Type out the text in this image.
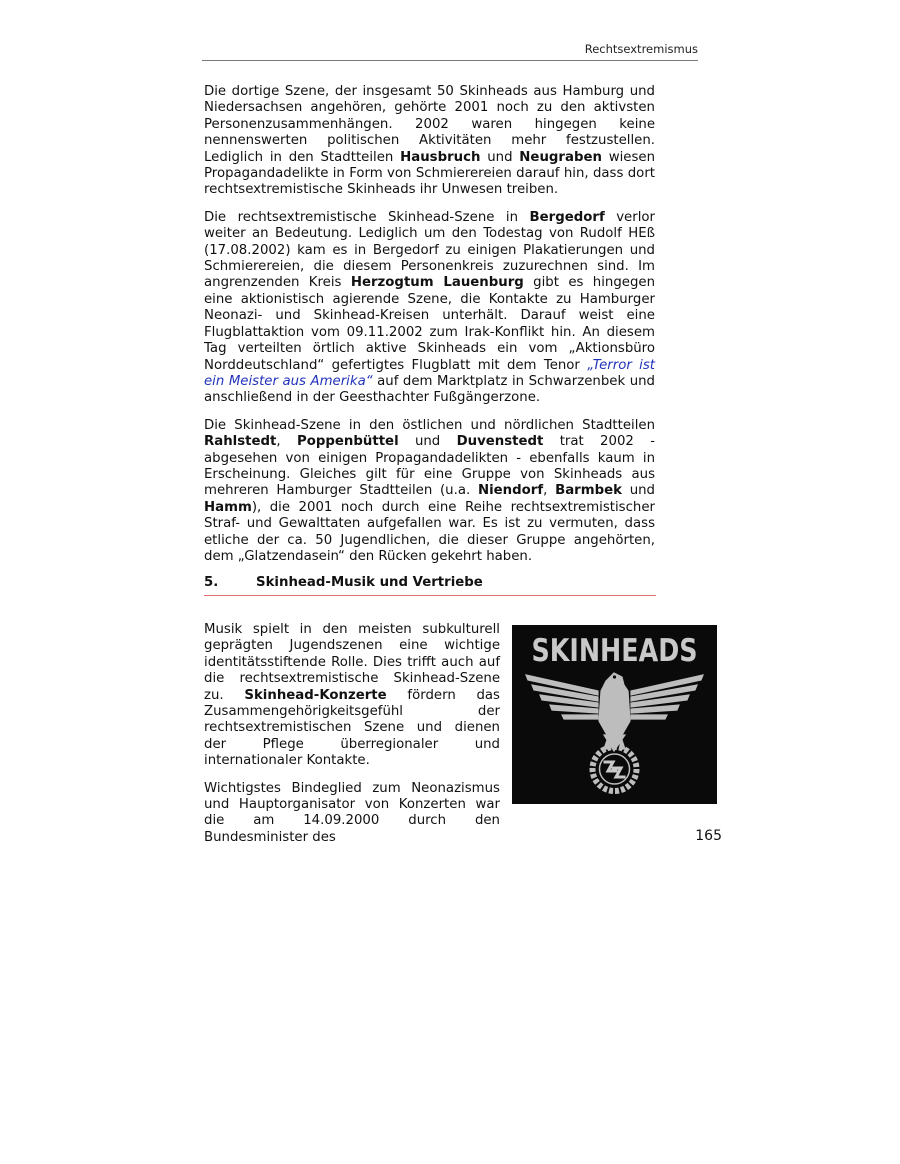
Rechtsextremismus

Die dortige Szene, der insgesamt 50 Skinheads aus Hamburg und Niedersachsen angehören, gehörte 2001 noch zu den aktivsten Personenzusammenhängen. 2002 waren hingegen keine nennenswerten politischen Aktivitäten mehr festzustellen. Lediglich in den Stadtteilen Hausbruch und Neugraben wiesen Propagandadelikte in Form von Schmierereien darauf hin, dass dort rechtsextremistische Skinheads ihr Unwesen treiben.

Die rechtsextremistische Skinhead-Szene in Bergedorf verlor weiter an Bedeutung. Lediglich um den Todestag von Rudolf HEß (17.08.2002) kam es in Bergedorf zu einigen Plakatierungen und Schmierereien, die diesem Personenkreis zuzurechnen sind. Im angrenzenden Kreis Herzogtum Lauenburg gibt es hingegen eine aktionistisch agierende Szene, die Kontakte zu Hamburger Neonazi- und Skinhead-Kreisen unterhält. Darauf weist eine Flugblattaktion vom 09.11.2002 zum Irak-Konflikt hin. An diesem Tag verteilten örtlich aktive Skinheads ein vom „Aktionsbüro Norddeutschland“ gefertigtes Flugblatt mit dem Tenor „Terror ist ein Meister aus Amerika“ auf dem Marktplatz in Schwarzenbek und anschließend in der Geesthachter Fußgängerzone.

Die Skinhead-Szene in den östlichen und nördlichen Stadtteilen Rahlstedt, Poppenbüttel und Duvenstedt trat 2002 - abgesehen von einigen Propagandadelikten - ebenfalls kaum in Erscheinung. Gleiches gilt für eine Gruppe von Skinheads aus mehreren Hamburger Stadtteilen (u.a. Niendorf, Barmbek und Hamm), die 2001 noch durch eine Reihe rechtsextremistischer Straf- und Gewalttaten aufgefallen war. Es ist zu vermuten, dass etliche der ca. 50 Jugendlichen, die dieser Gruppe angehörten, dem „Glatzendasein“ den Rücken gekehrt haben.

5.	Skinhead-Musik und Vertriebe

Musik spielt in den meisten subkulturell geprägten Jugendszenen eine wichtige identitätsstiftende Rolle. Dies trifft auch auf die rechtsextremistische Skinhead-Szene zu. Skinhead-Konzerte fördern das Zusammengehörigkeitsgefühl der rechtsextremistischen Szene und dienen der Pflege überregionaler und internationaler Kontakte.

Wichtigstes Bindeglied zum Neonazismus und Hauptorganisator von Konzerten war die am 14.09.2000 durch den Bundesminister des

SKINHEADS
165
